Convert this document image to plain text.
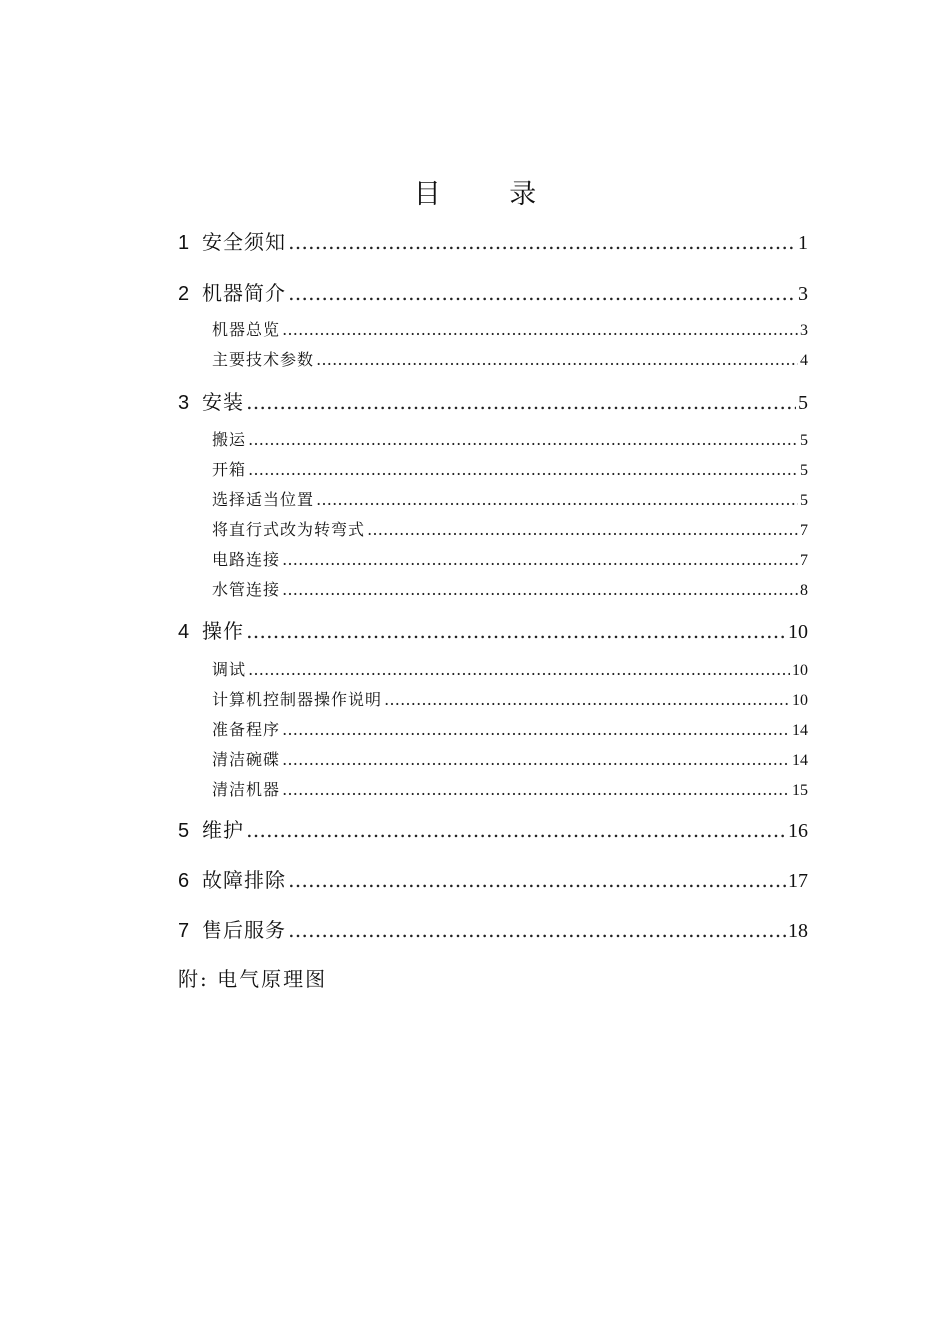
目 录
1 安全须知 …………………………………………………………………………………………………………………………………………………………………………………………………………………………………	1
2 机器简介 …………………………………………………………………………………………………………………………………………………………………………………………………………………………………	3
机器总览 …………………………………………………………………………………………………………………………………………………………………………………………………………………………………	3
主要技术参数 …………………………………………………………………………………………………………………………………………………………………………………………………………………………………	4
3 安装 …………………………………………………………………………………………………………………………………………………………………………………………………………………………………	5
搬运 …………………………………………………………………………………………………………………………………………………………………………………………………………………………………	5
开箱 …………………………………………………………………………………………………………………………………………………………………………………………………………………………………	5
选择适当位置 …………………………………………………………………………………………………………………………………………………………………………………………………………………………………	5
将直行式改为转弯式 …………………………………………………………………………………………………………………………………………………………………………………………………………………………………	7
电路连接 …………………………………………………………………………………………………………………………………………………………………………………………………………………………………	7
水管连接 …………………………………………………………………………………………………………………………………………………………………………………………………………………………………	8
4 操作 …………………………………………………………………………………………………………………………………………………………………………………………………………………………………	10
调试 …………………………………………………………………………………………………………………………………………………………………………………………………………………………………	10
计算机控制器操作说明 …………………………………………………………………………………………………………………………………………………………………………………………………………………………………	10
准备程序 …………………………………………………………………………………………………………………………………………………………………………………………………………………………………	14
清洁碗碟 …………………………………………………………………………………………………………………………………………………………………………………………………………………………………	14
清洁机器 …………………………………………………………………………………………………………………………………………………………………………………………………………………………………	15
5 维护 …………………………………………………………………………………………………………………………………………………………………………………………………………………………………	16
6 故障排除 …………………………………………………………………………………………………………………………………………………………………………………………………………………………………	17
7 售后服务 …………………………………………………………………………………………………………………………………………………………………………………………………………………………………	18
附: 电气原理图
